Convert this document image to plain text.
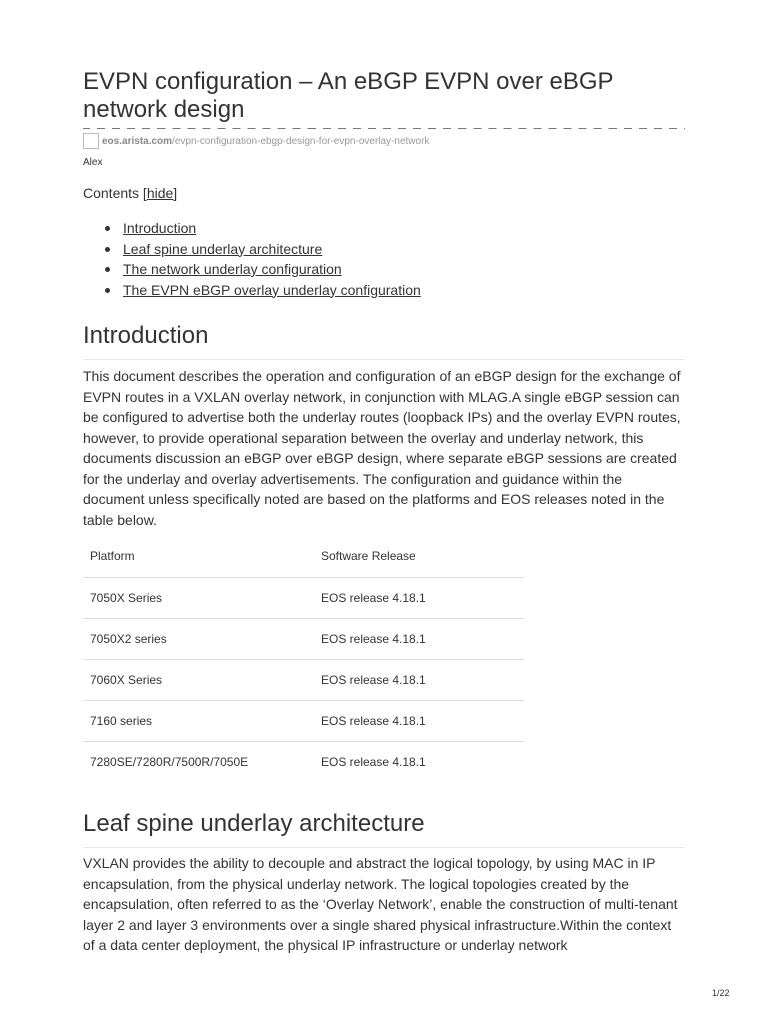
EVPN configuration – An eBGP EVPN over eBGP network design
eos.arista.com /evpn-configuration-ebgp-design-for-evpn-overlay-network
Alex
Contents [hide]
Introduction
Leaf spine underlay architecture
The network underlay configuration
The EVPN eBGP overlay underlay configuration
Introduction

This document describes the operation and configuration of an eBGP design for the exchange of EVPN routes in a VXLAN overlay network, in conjunction with MLAG.A single eBGP session can be configured to advertise both the underlay routes (loopback IPs) and the overlay EVPN routes, however, to provide operational separation between the overlay and underlay network, this documents discussion an eBGP over eBGP design, where separate eBGP sessions are created for the underlay and overlay advertisements. The configuration and guidance within the document unless specifically noted are based on the platforms and EOS releases noted in the table below.

Platform	Software Release
7050X Series	EOS release 4.18.1
7050X2 series	EOS release 4.18.1
7060X Series	EOS release 4.18.1
7160 series	EOS release 4.18.1
7280SE/7280R/7500R/7050E	EOS release 4.18.1
Leaf spine underlay architecture

VXLAN provides the ability to decouple and abstract the logical topology, by using MAC in IP encapsulation, from the physical underlay network. The logical topologies created by the encapsulation, often referred to as the ‘Overlay Network’, enable the construction of multi-tenant layer 2 and layer 3 environments over a single shared physical infrastructure.Within the context of a data center deployment, the physical IP infrastructure or underlay network

1/22
